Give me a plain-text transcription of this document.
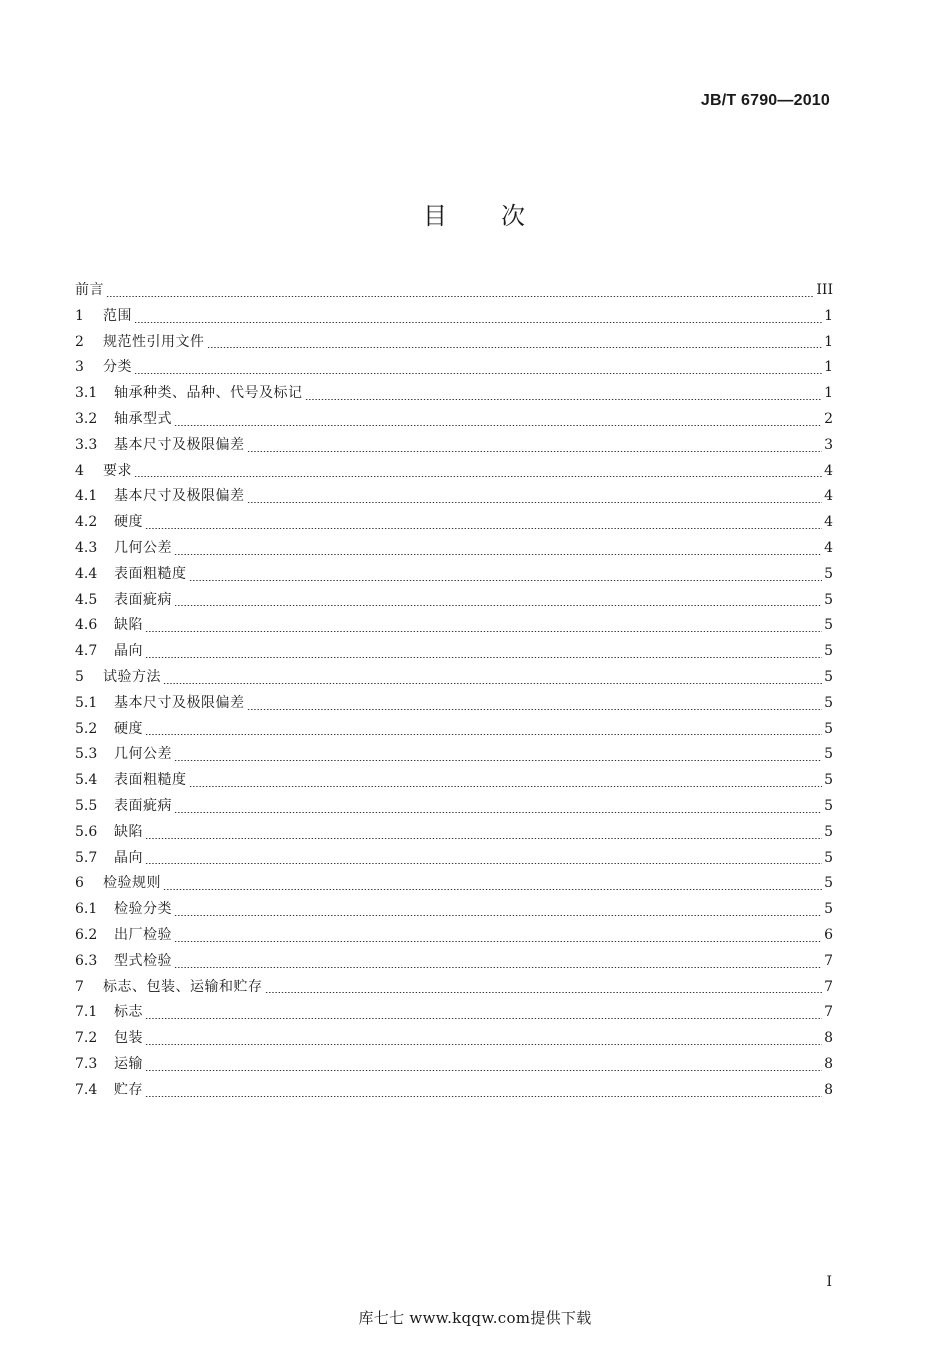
JB/T 6790—2010
目 次
前言	III
1	范围	1
2	规范性引用文件	1
3	分类	1
3.1	轴承种类、品种、代号及标记	1
3.2	轴承型式	2
3.3	基本尺寸及极限偏差	3
4	要求	4
4.1	基本尺寸及极限偏差	4
4.2	硬度	4
4.3	几何公差	4
4.4	表面粗糙度	5
4.5	表面疵病	5
4.6	缺陷	5
4.7	晶向	5
5	试验方法	5
5.1	基本尺寸及极限偏差	5
5.2	硬度	5
5.3	几何公差	5
5.4	表面粗糙度	5
5.5	表面疵病	5
5.6	缺陷	5
5.7	晶向	5
6	检验规则	5
6.1	检验分类	5
6.2	出厂检验	6
6.3	型式检验	7
7	标志、包装、运输和贮存	7
7.1	标志	7
7.2	包装	8
7.3	运输	8
7.4	贮存	8
I
库七七 www.kqqw.com提供下载
